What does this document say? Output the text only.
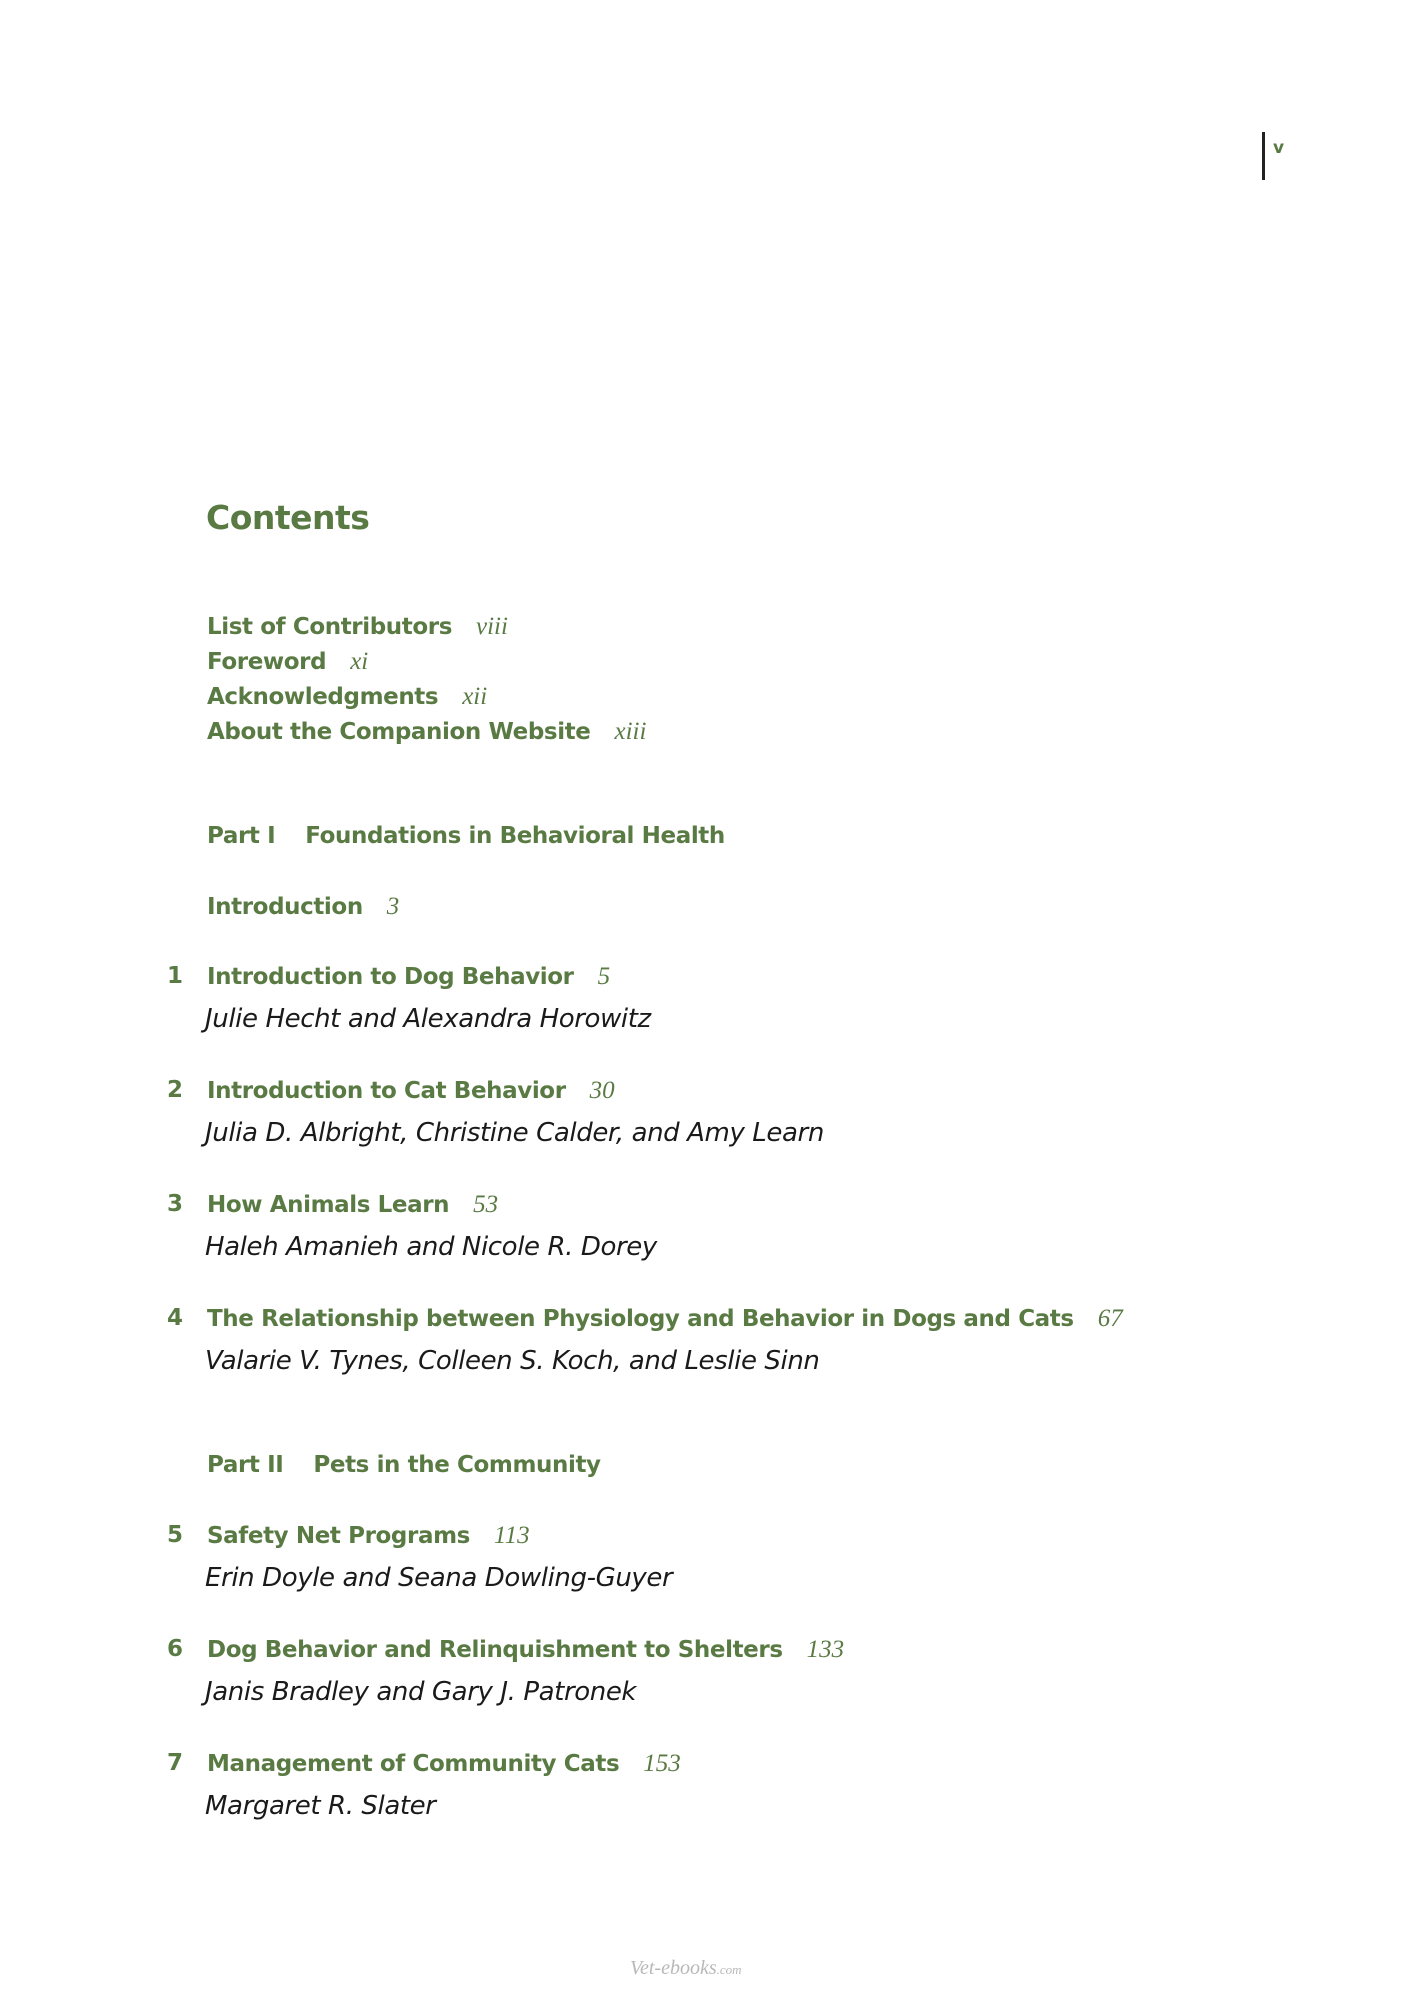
v
Contents
List of Contributors viii
Foreword xi
Acknowledgments xii
About the Companion Website xiii
Part I Foundations in Behavioral Health
Introduction 3
1 Introduction to Dog Behavior 5
Julie Hecht and Alexandra Horowitz
2 Introduction to Cat Behavior 30
Julia D. Albright, Christine Calder, and Amy Learn
3 How Animals Learn 53
Haleh Amanieh and Nicole R. Dorey
4 The Relationship between Physiology and Behavior in Dogs and Cats 67
Valarie V. Tynes, Colleen S. Koch, and Leslie Sinn
Part II Pets in the Community
5 Safety Net Programs 113
Erin Doyle and Seana Dowling-Guyer
6 Dog Behavior and Relinquishment to Shelters 133
Janis Bradley and Gary J. Patronek
7 Management of Community Cats 153
Margaret R. Slater
Vet-ebooks.com
